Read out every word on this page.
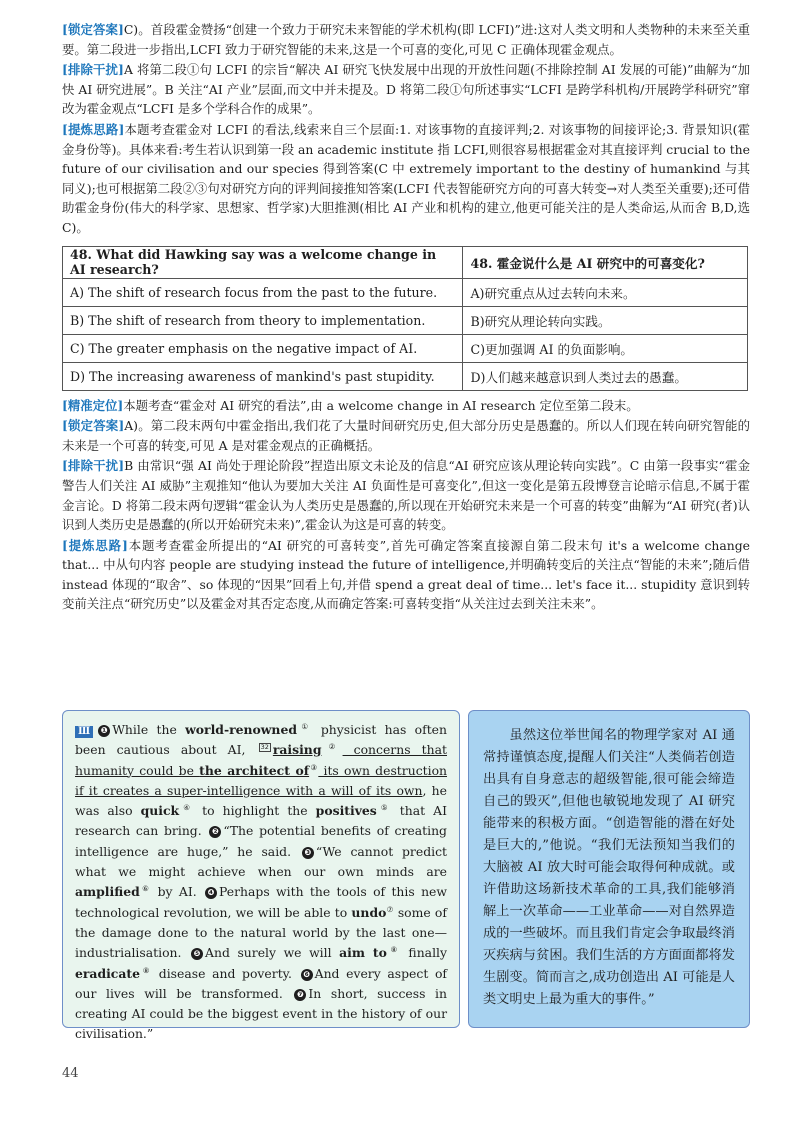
[锁定答案]C)。首段霍金赞扬“创建一个致力于研究未来智能的学术机构(即 LCFI)”进:这对人类文明和人类物种的未来至关重要。第二段进一步指出,LCFI 致力于研究智能的未来,这是一个可喜的变化,可见 C 正确体现霍金观点。

[排除干扰]A 将第二段①句 LCFI 的宗旨“解决 AI 研究飞快发展中出现的开放性问题(不排除控制 AI 发展的可能)”曲解为“加快 AI 研究进展”。B 关注“AI 产业”层面,而文中并未提及。D 将第二段①句所述事实“LCFI 是跨学科机构/开展跨学科研究”窜改为霍金观点“LCFI 是多个学科合作的成果”。

[提炼思路]本题考查霍金对 LCFI 的看法,线索来自三个层面:1. 对该事物的直接评判;2. 对该事物的间接评论;3. 背景知识(霍金身份等)。具体来看:考生若认识到第一段 an academic institute 指 LCFI,则很容易根据霍金对其直接评判 crucial to the future of our civilisation and our species 得到答案(C 中 extremely important to the destiny of humankind 与其同义);也可根据第二段②③句对研究方向的评判间接推知答案(LCFI 代表智能研究方向的可喜大转变→对人类至关重要);还可借助霍金身份(伟大的科学家、思想家、哲学家)大胆推测(相比 AI 产业和机构的建立,他更可能关注的是人类命运,从而舍 B,D,选 C)。

48. What did Hawking say was a welcome change in AI research?	48. 霍金说什么是 AI 研究中的可喜变化?
A) The shift of research focus from the past to the future.	A)研究重点从过去转向未来。
B) The shift of research from theory to implementation.	B)研究从理论转向实践。
C) The greater emphasis on the negative impact of AI.	C)更加强调 AI 的负面影响。
D) The increasing awareness of mankind's past stupidity.	D)人们越来越意识到人类过去的愚蠢。

[精准定位]本题考查“霍金对 AI 研究的看法”,由 a welcome change in AI research 定位至第二段末。

[锁定答案]A)。第二段末两句中霍金指出,我们花了大量时间研究历史,但大部分历史是愚蠢的。所以人们现在转向研究智能的未来是一个可喜的转变,可见 A 是对霍金观点的正确概括。

[排除干扰]B 由常识“强 AI 尚处于理论阶段”捏造出原文未论及的信息“AI 研究应该从理论转向实践”。C 由第一段事实“霍金警告人们关注 AI 威胁”主观推知“他认为要加大关注 AI 负面性是可喜变化”,但这一变化是第五段博登言论暗示信息,不属于霍金言论。D 将第二段末两句逻辑“霍金认为人类历史是愚蠢的,所以现在开始研究未来是一个可喜的转变”曲解为“AI 研究(者)认识到人类历史是愚蠢的(所以开始研究未来)”,霍金认为这是可喜的转变。

[提炼思路]本题考查霍金所提出的“AI 研究的可喜转变”,首先可确定答案直接源自第二段末句 it's a welcome change that... 中从句内容 people are studying instead the future of intelligence,并明确转变后的关注点“智能的未来”;随后借 instead 体现的“取舍”、so 体现的“因果”回看上句,并借 spend a great deal of time... let's face it... stupidity 意识到转变前关注点“研究历史”以及霍金对其否定态度,从而确定答案:可喜转变指“从关注过去到关注未来”。

Ⅲ ❶ While the world-renowned① physicist has often been cautious about AI, 32 raising② concerns that humanity could be the architect of③ its own destruction if it creates a super-intelligence with a will of its own, he was also quick④ to highlight the positives⑤ that AI research can bring. ❷ “The potential benefits of creating intelligence are huge,” he said. ❸ “We cannot predict what we might achieve when our own minds are amplified⑥ by AI. ❹ Perhaps with the tools of this new technological revolution, we will be able to undo⑦ some of the damage done to the natural world by the last one—industrialisation. ❺ And surely we will aim to⑧ finally eradicate⑧ disease and poverty. ❻ And every aspect of our lives will be transformed. ❼ In short, success in creating AI could be the biggest event in the history of our civilisation.”
虽然这位举世闻名的物理学家对 AI 通常持谨慎态度,提醒人们关注“人类倘若创造出具有自身意志的超级智能,很可能会缔造自己的毁灭”,但他也敏锐地发现了 AI 研究能带来的积极方面。“创造智能的潜在好处是巨大的,”他说。“我们无法预知当我们的大脑被 AI 放大时可能会取得何种成就。或许借助这场新技术革命的工具,我们能够消解上一次革命——工业革命——对自然界造成的一些破坏。而且我们肯定会争取最终消灭疾病与贫困。我们生活的方方面面都将发生剧变。简而言之,成功创造出 AI 可能是人类文明史上最为重大的事件。”
44
